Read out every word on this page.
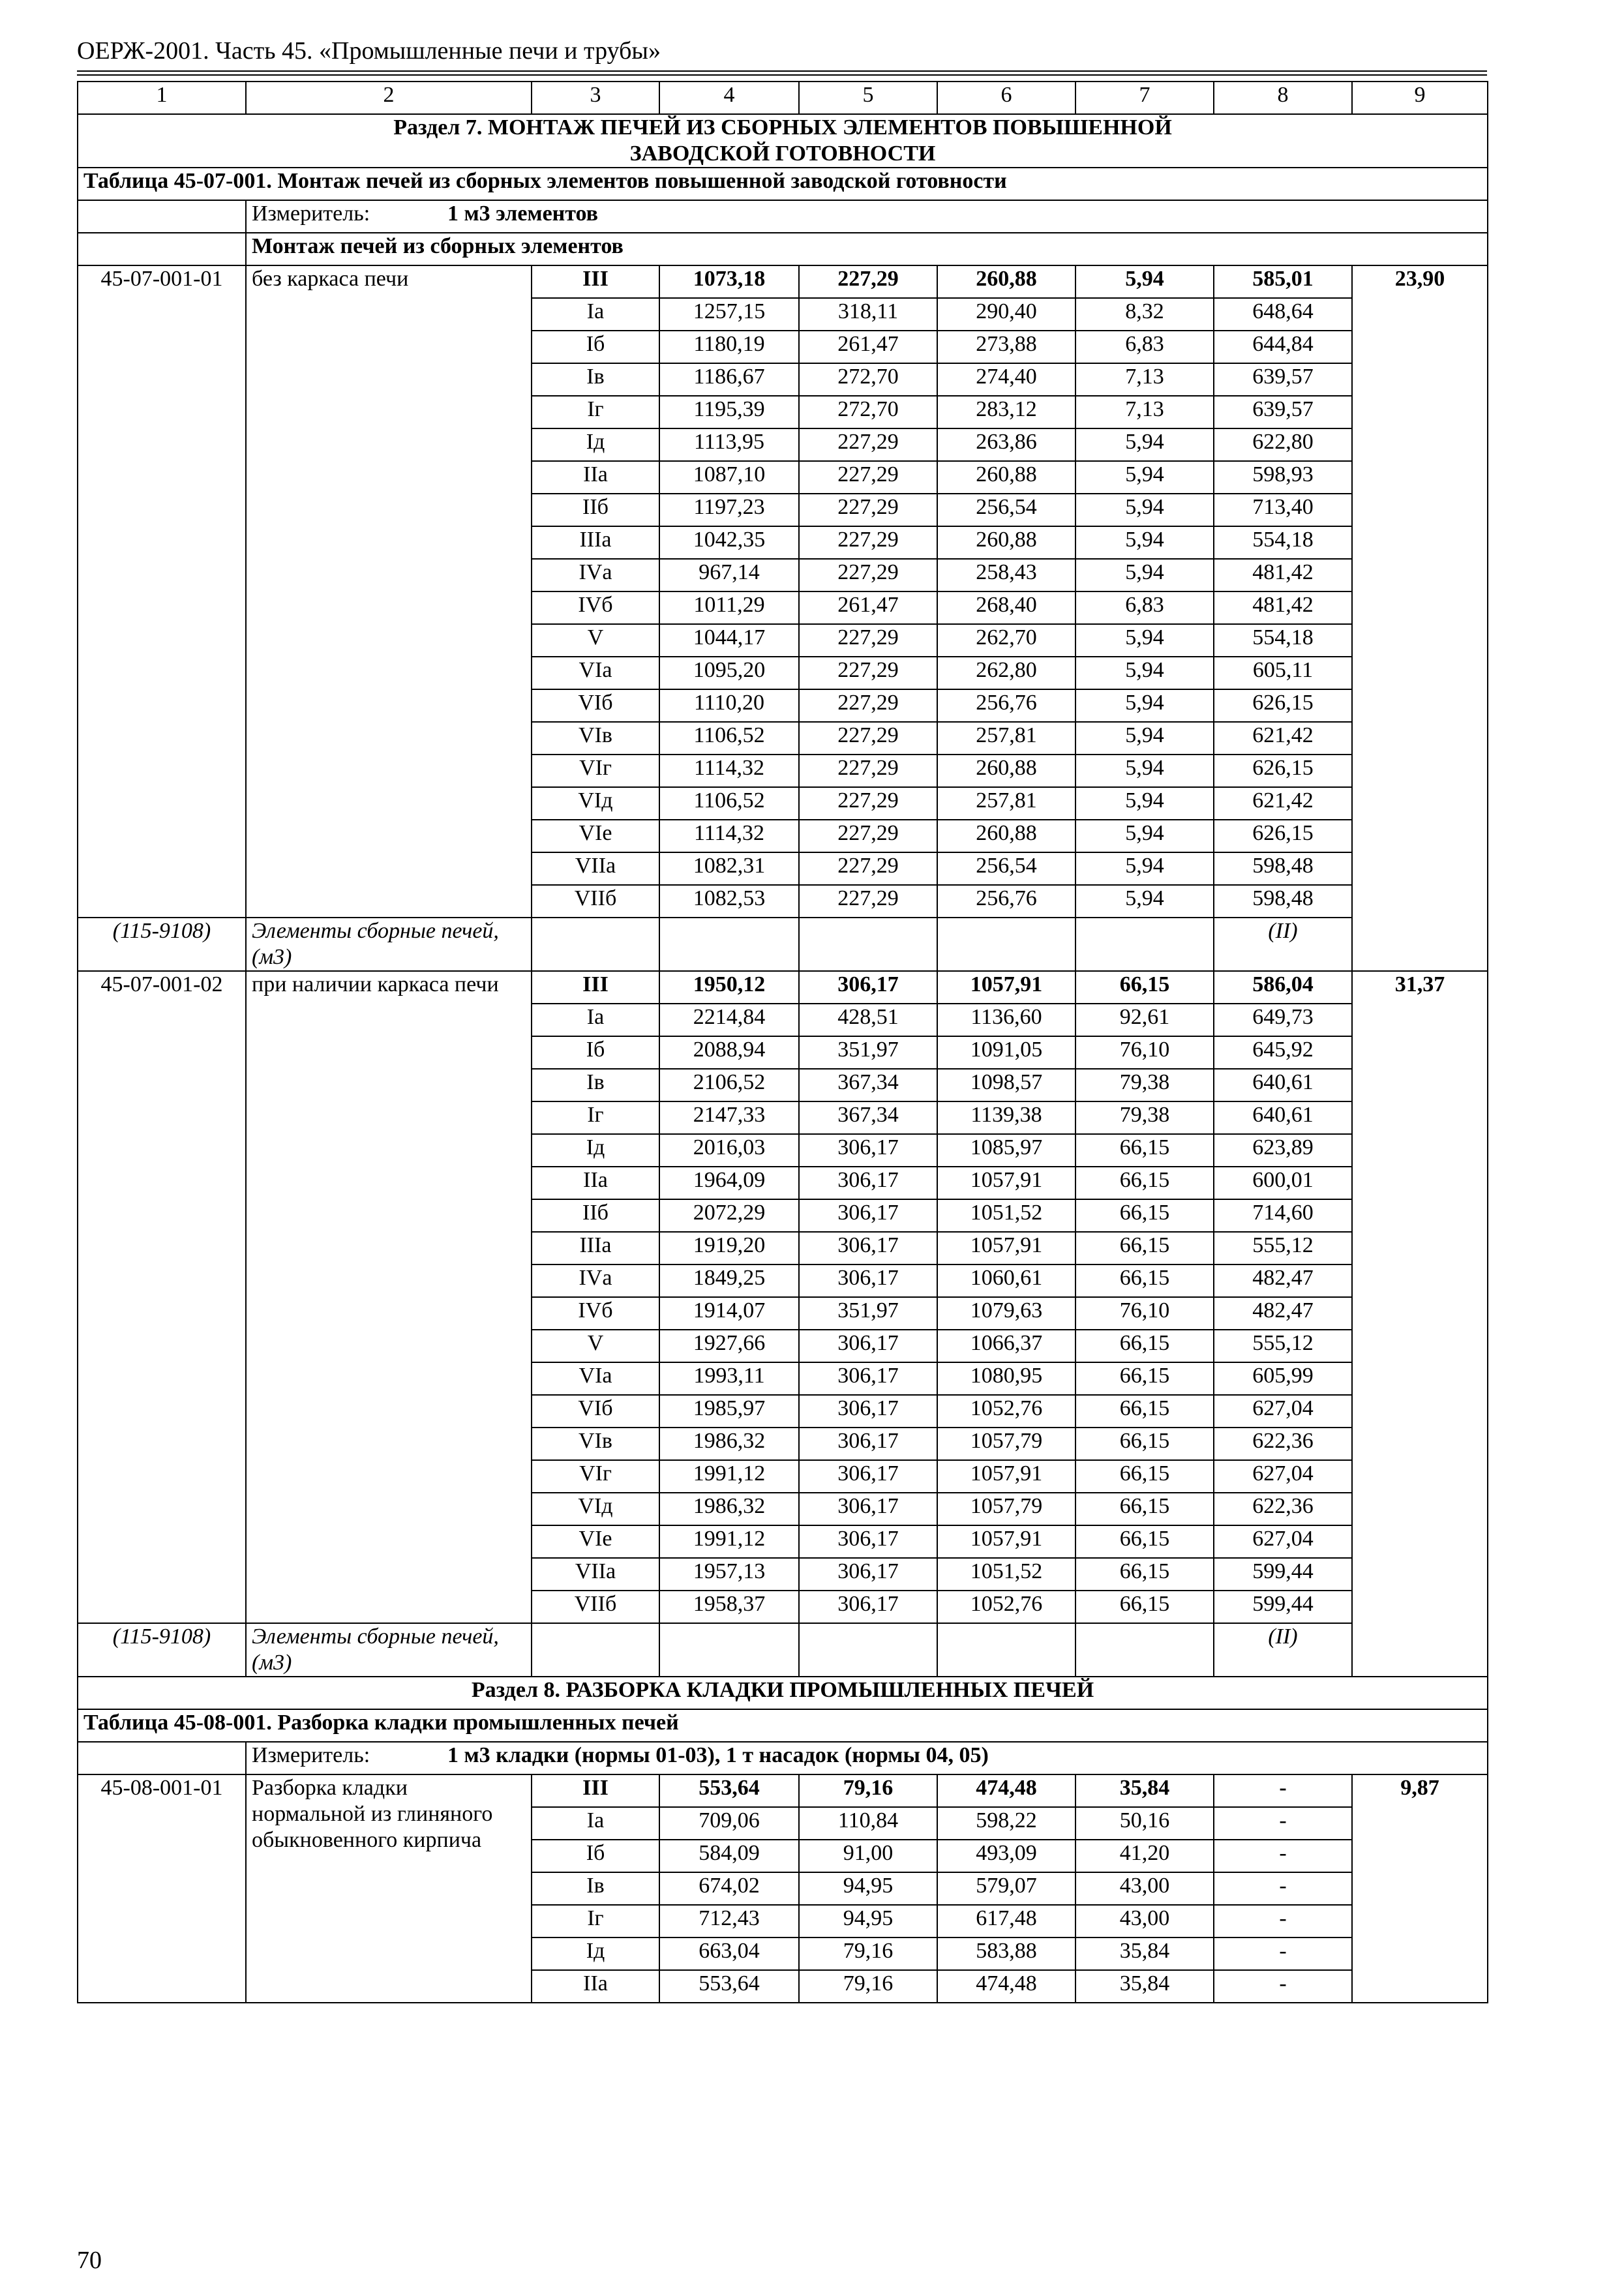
ОЕРЖ-2001. Часть 45. «Промышленные печи и трубы»
1	2	3	4	5	6	7	8	9

Раздел 7. МОНТАЖ ПЕЧЕЙ ИЗ СБОРНЫХ ЭЛЕМЕНТОВ ПОВЫШЕННОЙ
ЗАВОДСКОЙ ГОТОВНОСТИ								

Таблица 45-07-001. Монтаж печей из сборных элементов повышенной заводской готовности								

	Измеритель: 1 м3 элементов							

	Монтаж печей из сборных элементов							
45-07-001-01	без каркаса печи	III	1073,18	227,29	260,88	5,94	585,01	23,90
		Iа	1257,15	318,11	290,40	8,32	648,64	
		Iб	1180,19	261,47	273,88	6,83	644,84	
		Iв	1186,67	272,70	274,40	7,13	639,57	
		Iг	1195,39	272,70	283,12	7,13	639,57	
		Iд	1113,95	227,29	263,86	5,94	622,80	
		IIа	1087,10	227,29	260,88	5,94	598,93	
		IIб	1197,23	227,29	256,54	5,94	713,40	
		IIIа	1042,35	227,29	260,88	5,94	554,18	
		IVа	967,14	227,29	258,43	5,94	481,42	
		IVб	1011,29	261,47	268,40	6,83	481,42	
		V	1044,17	227,29	262,70	5,94	554,18	
		VIа	1095,20	227,29	262,80	5,94	605,11	
		VIб	1110,20	227,29	256,76	5,94	626,15	
		VIв	1106,52	227,29	257,81	5,94	621,42	
		VIг	1114,32	227,29	260,88	5,94	626,15	
		VIд	1106,52	227,29	257,81	5,94	621,42	
		VIе	1114,32	227,29	260,88	5,94	626,15	
		VIIа	1082,31	227,29	256,54	5,94	598,48	
		VIIб	1082,53	227,29	256,76	5,94	598,48	
(115-9108)	Элементы сборные печей, (м3)						(II)	
45-07-001-02	при наличии каркаса печи	III	1950,12	306,17	1057,91	66,15	586,04	31,37
		Iа	2214,84	428,51	1136,60	92,61	649,73	
		Iб	2088,94	351,97	1091,05	76,10	645,92	
		Iв	2106,52	367,34	1098,57	79,38	640,61	
		Iг	2147,33	367,34	1139,38	79,38	640,61	
		Iд	2016,03	306,17	1085,97	66,15	623,89	
		IIа	1964,09	306,17	1057,91	66,15	600,01	
		IIб	2072,29	306,17	1051,52	66,15	714,60	
		IIIа	1919,20	306,17	1057,91	66,15	555,12	
		IVа	1849,25	306,17	1060,61	66,15	482,47	
		IVб	1914,07	351,97	1079,63	76,10	482,47	
		V	1927,66	306,17	1066,37	66,15	555,12	
		VIа	1993,11	306,17	1080,95	66,15	605,99	
		VIб	1985,97	306,17	1052,76	66,15	627,04	
		VIв	1986,32	306,17	1057,79	66,15	622,36	
		VIг	1991,12	306,17	1057,91	66,15	627,04	
		VIд	1986,32	306,17	1057,79	66,15	622,36	
		VIе	1991,12	306,17	1057,91	66,15	627,04	
		VIIа	1957,13	306,17	1051,52	66,15	599,44	
		VIIб	1958,37	306,17	1052,76	66,15	599,44	
(115-9108)	Элементы сборные печей, (м3)						(II)	
Раздел 8. РАЗБОРКА КЛАДКИ ПРОМЫШЛЕННЫХ ПЕЧЕЙ								
Таблица 45-08-001. Разборка кладки промышленных печей								

	Измеритель: 1 м3 кладки (нормы 01-03), 1 т насадок (нормы 04, 05)							

45-08-001-01	Разборка кладки нормальной из глиняного обыкновенного кирпича	III	553,64	79,16	474,48	35,84	-	9,87
		Iа	709,06	110,84	598,22	50,16	-	
		Iб	584,09	91,00	493,09	41,20	-	
		Iв	674,02	94,95	579,07	43,00	-	
		Iг	712,43	94,95	617,48	43,00	-	
		Iд	663,04	79,16	583,88	35,84	-	
		IIа	553,64	79,16	474,48	35,84	-	
70
